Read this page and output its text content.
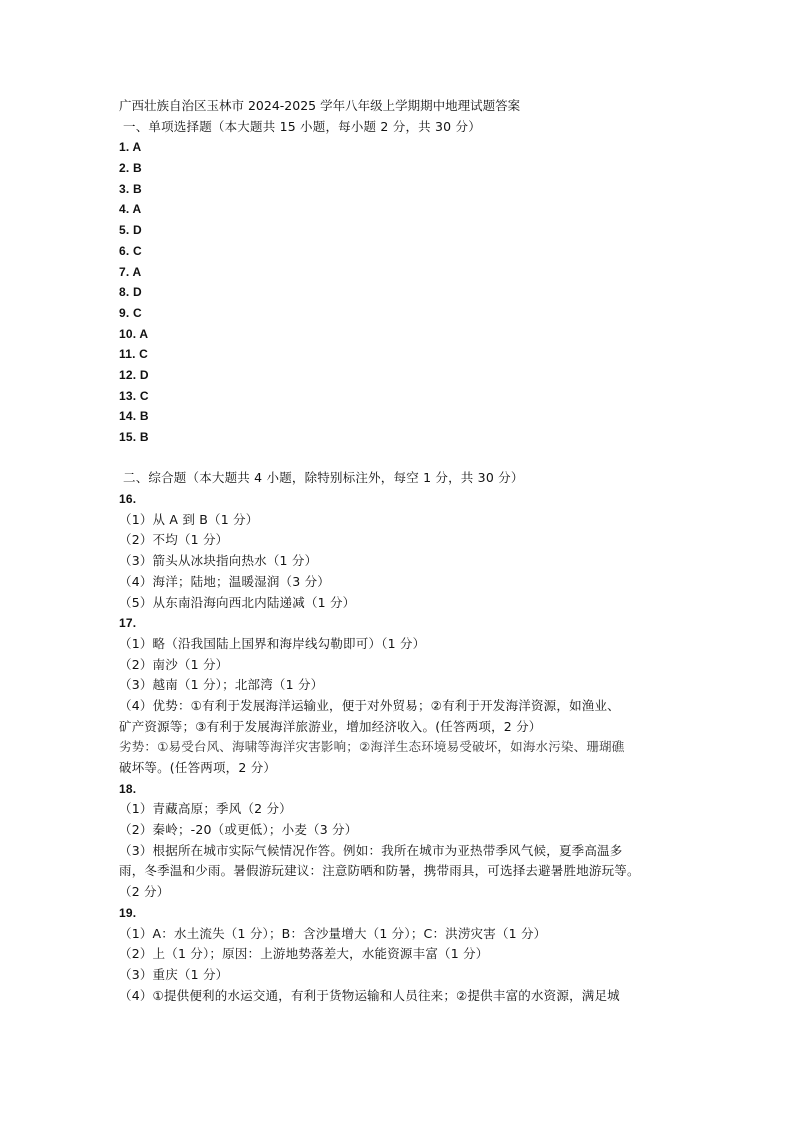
广西壮族自治区玉林市 2024-2025 学年八年级上学期期中地理试题答案
一、单项选择题（本大题共 15 小题，每小题 2 分，共 30 分）
1. A
2. B
3. B
4. A
5. D
6. C
7. A
8. D
9. C
10. A
11. C
12. D
13. C
14. B
15. B
二、综合题（本大题共 4 小题，除特别标注外，每空 1 分，共 30 分）
16.
（1）从 A 到 B（1 分）
（2）不均（1 分）
（3）箭头从冰块指向热水（1 分）
（4）海洋；陆地；温暖湿润（3 分）
（5）从东南沿海向西北内陆递减（1 分）
17.
（1）略（沿我国陆上国界和海岸线勾勒即可）（1 分）
（2）南沙（1 分）
（3）越南（1 分）；北部湾（1 分）
（4）优势：①有利于发展海洋运输业，便于对外贸易；②有利于开发海洋资源，如渔业、
矿产资源等；③有利于发展海洋旅游业，增加经济收入。(任答两项，2 分）
劣势：①易受台风、海啸等海洋灾害影响；②海洋生态环境易受破坏，如海水污染、珊瑚礁
破坏等。(任答两项，2 分）
18.
（1）青藏高原；季风（2 分）
（2）秦岭；-20（或更低）；小麦（3 分）
（3）根据所在城市实际气候情况作答。例如：我所在城市为亚热带季风气候，夏季高温多
雨，冬季温和少雨。暑假游玩建议：注意防晒和防暑，携带雨具，可选择去避暑胜地游玩等。
（2 分）
19.
（1）A：水土流失（1 分）；B：含沙量增大（1 分）；C：洪涝灾害（1 分）
（2）上（1 分）；原因：上游地势落差大，水能资源丰富（1 分）
（3）重庆（1 分）
（4）①提供便利的水运交通，有利于货物运输和人员往来；②提供丰富的水资源，满足城
